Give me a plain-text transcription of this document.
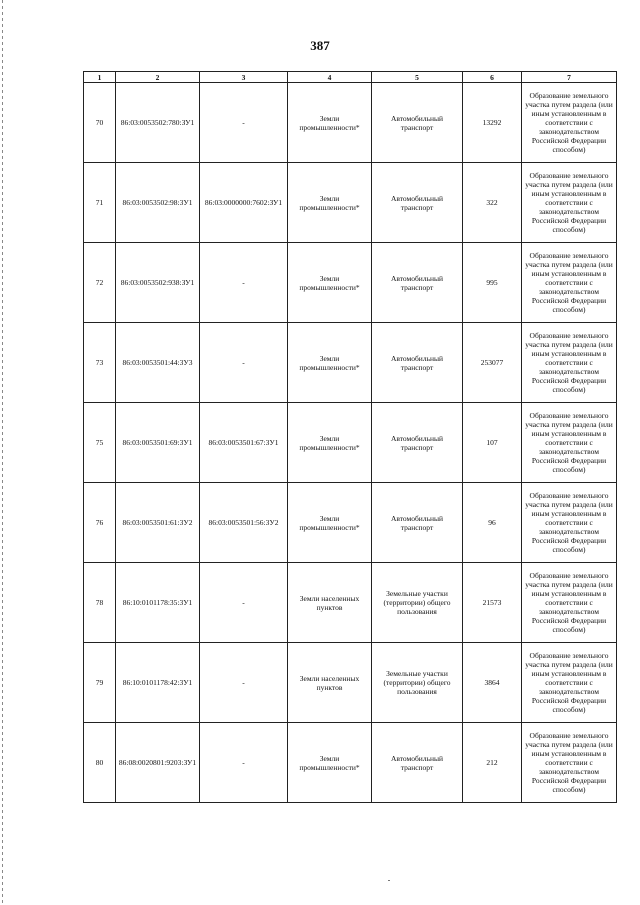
387
1	2	3	4	5	6	7
70	86:03:0053502:780:ЗУ1	-	Земли промышленности*	Автомобильный транспорт	13292	Образование земельного участка путем раздела (или иным установленным в соответствии с законодательством Российской Федерации способом)
71	86:03:0053502:98:3У1	86:03:0000000:7602:ЗУ1	Земли промышленности*	Автомобильный транспорт	322	Образование земельного участка путем раздела (или иным установленным в соответствии с законодательством Российской Федерации способом)
72	86:03:0053502:938:ЗУ1	-	Земли промышленности*	Автомобильный транспорт	995	Образование земельного участка путем раздела (или иным установленным в соответствии с законодательством Российской Федерации способом)
73	86:03:0053501:44:3У3	-	Земли промышленности*	Автомобильный транспорт	253077	Образование земельного участка путем раздела (или иным установленным в соответствии с законодательством Российской Федерации способом)
75	86:03:0053501:69:3У1	86:03:0053501:67:3У1	Земли промышленности*	Автомобильный транспорт	107	Образование земельного участка путем раздела (или иным установленным в соответствии с законодательством Российской Федерации способом)
76	86:03:0053501:61:3У2	86:03:0053501:56:3У2	Земли промышленности*	Автомобильный транспорт	96	Образование земельного участка путем раздела (или иным установленным в соответствии с законодательством Российской Федерации способом)
78	86:10:0101178:35:3У1	-	Земли населенных пунктов	Земельные участки (территории) общего пользования	21573	Образование земельного участка путем раздела (или иным установленным в соответствии с законодательством Российской Федерации способом)
79	86:10:0101178:42:3У1	-	Земли населенных пунктов	Земельные участки (территории) общего пользования	3864	Образование земельного участка путем раздела (или иным установленным в соответствии с законодательством Российской Федерации способом)
80	86:08:0020801:9203:ЗУ1	-	Земли промышленности*	Автомобильный транспорт	212	Образование земельного участка путем раздела (или иным установленным в соответствии с законодательством Российской Федерации способом)
